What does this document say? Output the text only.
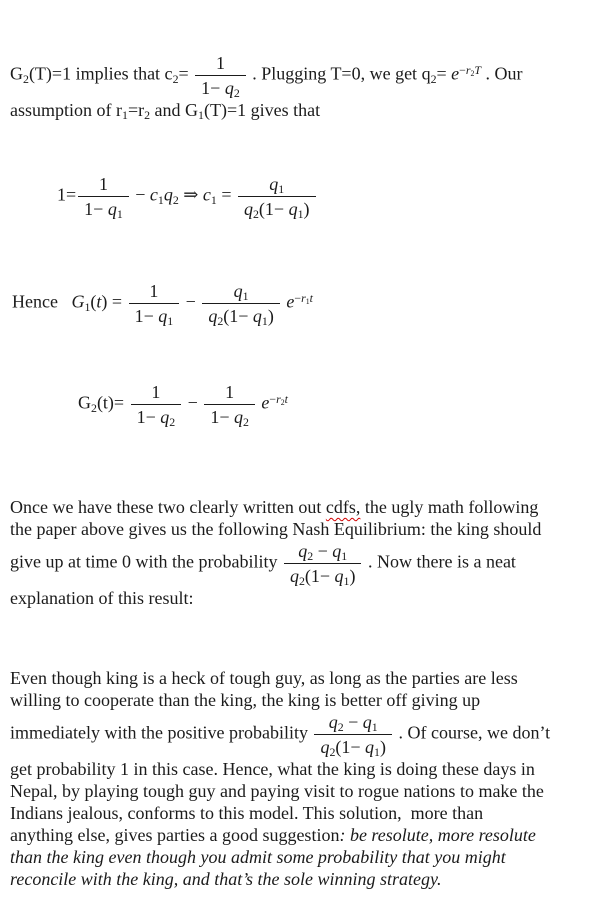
$G_2(T)=1$ implies that $c_2= \frac{1}{1- q_2}$ . Plugging T=0, we get $q_2= e^{-r_2T}$ . Our
assumption of $r_1=r_2$ and $G_1(T)=1$ gives that

$1= \frac{1}{1- q_1} - c_1q_2$ ⇒ $c_1 = \frac{q_1}{q_2(1- q_1)}$

Hence   $G_1(t) = \frac{1}{1- q_1} - \frac{q_1}{q_2(1- q_1)} e^{-r_1t}$

$G_2(t)= \frac{1}{1- q_2} - \frac{1}{1- q_2} e^{-r_2t}$

Once we have these two clearly written out cdfs, the ugly math following
the paper above gives us the following Nash Equilibrium: the king should
give up at time 0 with the probability $\frac{q_2 - q_1}{q_2(1- q_1)}$ . Now there is a neat
explanation of this result:

Even though king is a heck of tough guy, as long as the parties are less
willing to cooperate than the king, the king is better off giving up
immediately with the positive probability $\frac{q_2 - q_1}{q_2(1- q_1)}$ . Of course, we don’t
get probability 1 in this case. Hence, what the king is doing these days in
Nepal, by playing tough guy and paying visit to rogue nations to make the
Indians jealous, conforms to this model. This solution,  more than
anything else, gives parties a good suggestion: be resolute, more resolute
than the king even though you admit some probability that you might
reconcile with the king, and that’s the sole winning strategy.
